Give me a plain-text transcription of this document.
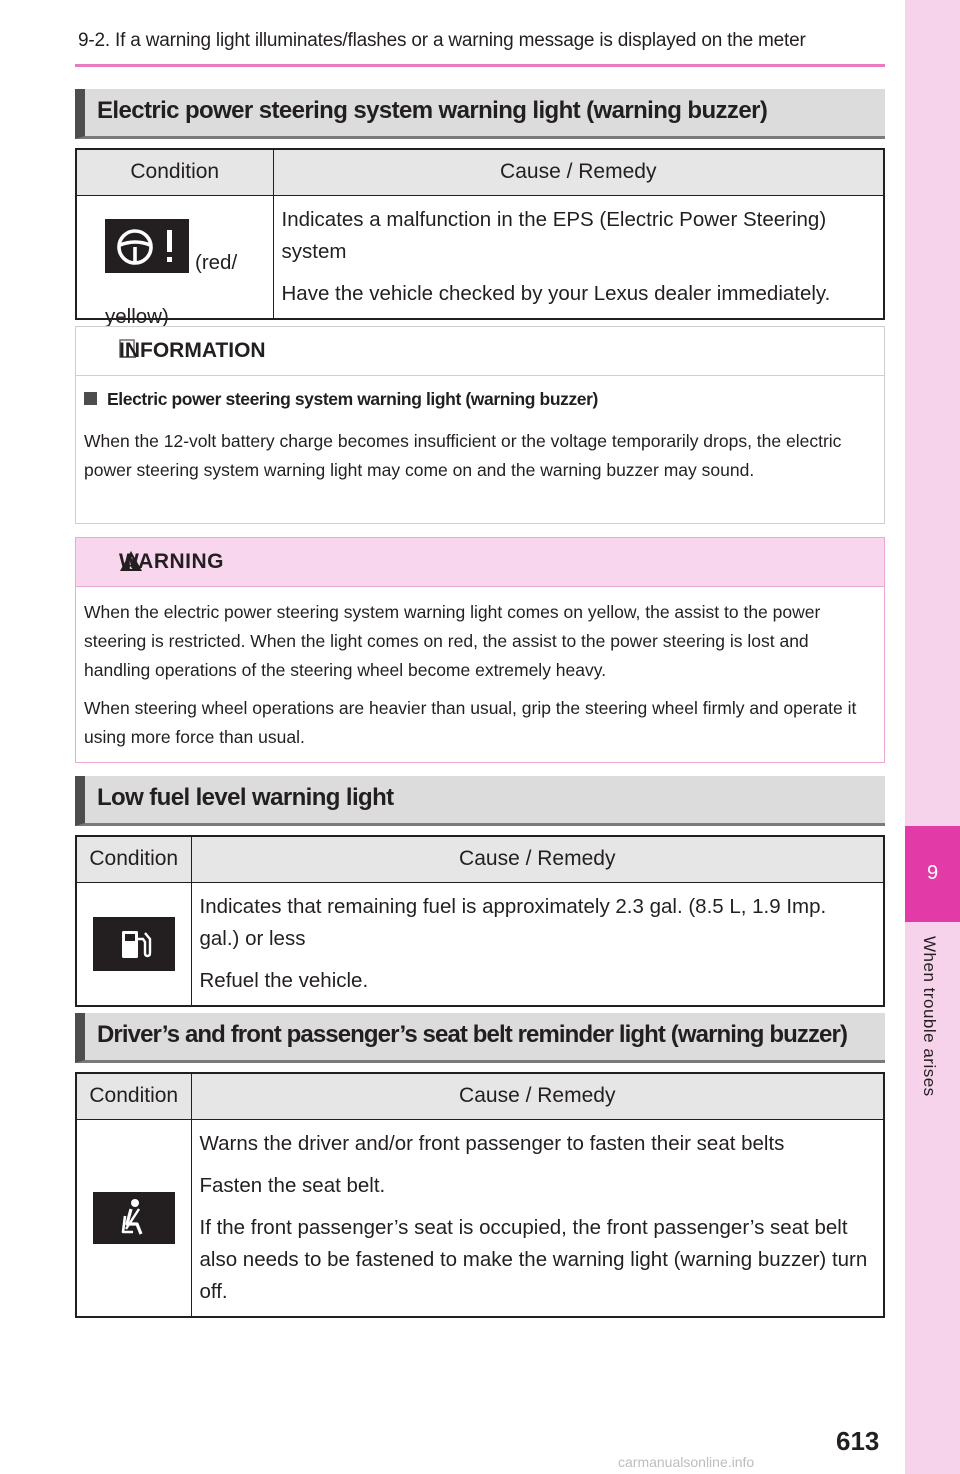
9-2. If a warning light illuminates/flashes or a warning message is displayed on the meter
9
When trouble arises
Electric power steering system warning light (warning buzzer)
Condition	Cause / Remedy

(red/ yellow)	Indicates a malfunction in the EPS (Electric Power Steering) system

Have the vehicle checked by your Lexus dealer immediately.

INFORMATION
Electric power steering system warning light (warning buzzer)
When the 12-volt battery charge becomes insufficient or the voltage temporarily drops, the electric power steering system warning light may come on and the warning buzzer may sound.
WARNING

When the electric power steering system warning light comes on yellow, the assist to the power steering is restricted. When the light comes on red, the assist to the power steering is lost and handling operations of the steering wheel become extremely heavy.

When steering wheel operations are heavier than usual, grip the steering wheel firmly and operate it using more force than usual.

Low fuel level warning light
Condition	Cause / Remedy

Indicates that remaining fuel is approximately 2.3 gal. (8.5 L, 1.9 Imp. gal.) or less

Refuel the vehicle.

Driver’s and front passenger’s seat belt reminder light (warning buzzer)
Condition	Cause / Remedy

Warns the driver and/or front passenger to fasten their seat belts

Fasten the seat belt.

If the front passenger’s seat is occupied, the front passenger’s seat belt also needs to be fastened to make the warning light (warning buzzer) turn off.

613
carmanualsonline.info
